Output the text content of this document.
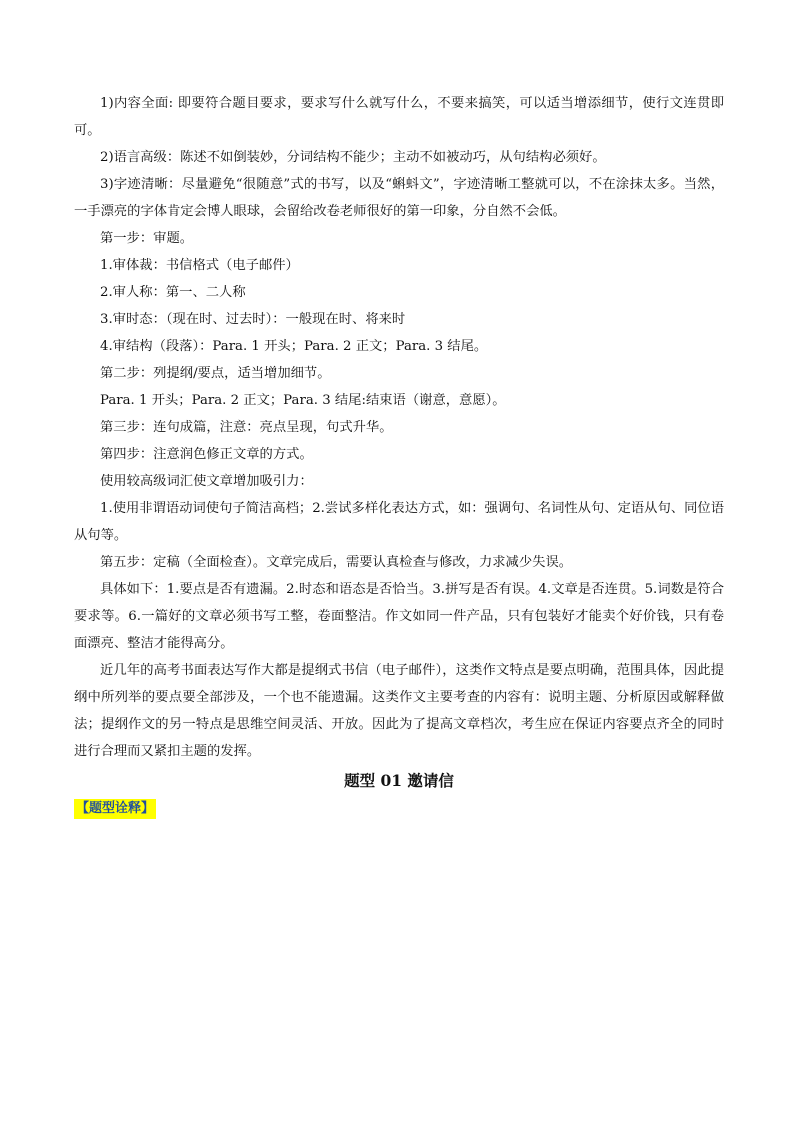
1)内容全面: 即要符合题目要求，要求写什么就写什么，不要来搞笑，可以适当增添细节，使行文连贯即可。

2)语言高级：陈述不如倒装妙，分词结构不能少；主动不如被动巧，从句结构必须好。

3)字迹清晰：尽量避免“很随意”式的书写，以及“蝌蚪文”，字迹清晰工整就可以，不在涂抹太多。当然，一手漂亮的字体肯定会博人眼球，会留给改卷老师很好的第一印象，分自然不会低。

第一步：审题。

1.审体裁：书信格式（电子邮件）

2.审人称：第一、二人称

3.审时态：（现在时、过去时）：一般现在时、将来时

4.审结构（段落）：Para. 1 开头；Para. 2 正文；Para. 3 结尾。

第二步：列提纲/要点，适当增加细节。

Para. 1 开头；Para. 2 正文；Para. 3 结尾:结束语（谢意，意愿）。

第三步：连句成篇，注意：亮点呈现，句式升华。

第四步：注意润色修正文章的方式。

使用较高级词汇使文章增加吸引力：

1.使用非谓语动词使句子简洁高档；2.尝试多样化表达方式，如：强调句、名词性从句、定语从句、同位语从句等。

第五步：定稿（全面检查）。文章完成后，需要认真检查与修改，力求减少失误。

具体如下：1.要点是否有遗漏。2.时态和语态是否恰当。3.拼写是否有误。4.文章是否连贯。5.词数是符合要求等。6.一篇好的文章必须书写工整，卷面整洁。作文如同一件产品，只有包装好才能卖个好价钱，只有卷面漂亮、整洁才能得高分。

近几年的高考书面表达写作大都是提纲式书信（电子邮件），这类作文特点是要点明确，范围具体，因此提纲中所列举的要点要全部涉及，一个也不能遗漏。这类作文主要考查的内容有：说明主题、分析原因或解释做法；提纲作文的另一特点是思维空间灵活、开放。因此为了提高文章档次，考生应在保证内容要点齐全的同时进行合理而又紧扣主题的发挥。

题型 01 邀请信
【题型诠释】
